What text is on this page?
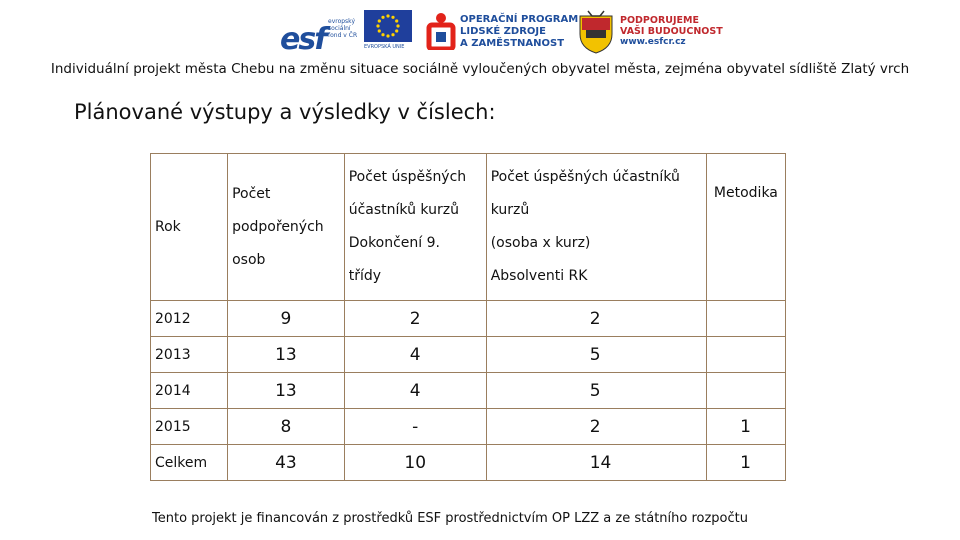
esf
evropský sociální fond v ČR
EVROPSKÁ UNIE
OPERAČNÍ PROGRAM
LIDSKÉ ZDROJE
A ZAMĚSTNANOST
PODPORUJEME
VAŠI BUDOUCNOST
www.esfcr.cz
Individuální projekt města Chebu na změnu situace sociálně vyloučených obyvatel města, zejména obyvatel sídliště Zlatý vrch
Plánované výstupy a výsledky v číslech:
Rok	Počet
podpořených
osob	Počet úspěšných
účastníků kurzů
Dokončení 9.
třídy	Počet úspěšných účastníků
kurzů
(osoba x kurz)
Absolventi RK	Metodika

2012	9	2	2	
2013	13	4	5	
2014	13	4	5	
2015	8	-	2	1
Celkem	43	10	14	1
Tento projekt je financován z prostředků ESF prostřednictvím OP LZZ a ze státního rozpočtu
